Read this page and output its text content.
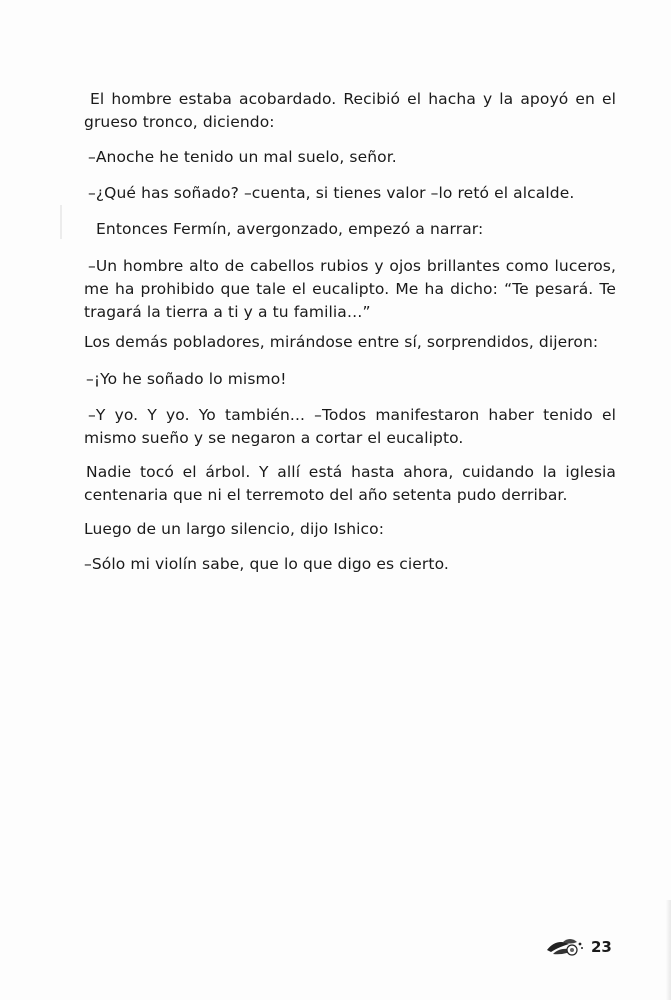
El hombre estaba acobardado. Recibió el hacha y la apoyó en el grueso tronco, diciendo:

–Anoche he tenido un mal suelo, señor.

–¿Qué has soñado? –cuenta, si tienes valor –lo retó el alcalde.

Entonces Fermín, avergonzado, empezó a narrar:

–Un hombre alto de cabellos rubios y ojos brillantes como luceros, me ha prohibido que tale el eucalipto. Me ha dicho: “Te pesará. Te tragará la tierra a ti y a tu familia…”

Los demás pobladores, mirándose entre sí, sorprendidos, dijeron:

–¡Yo he soñado lo mismo!

–Y yo. Y yo. Yo también... –Todos manifestaron haber tenido el mismo sueño y se negaron a cortar el eucalipto.

Nadie tocó el árbol. Y allí está hasta ahora, cuidando la iglesia centenaria que ni el terremoto del año setenta pudo derribar.

Luego de un largo silencio, dijo Ishico:

–Sólo mi violín sabe, que lo que digo es cierto.

23
